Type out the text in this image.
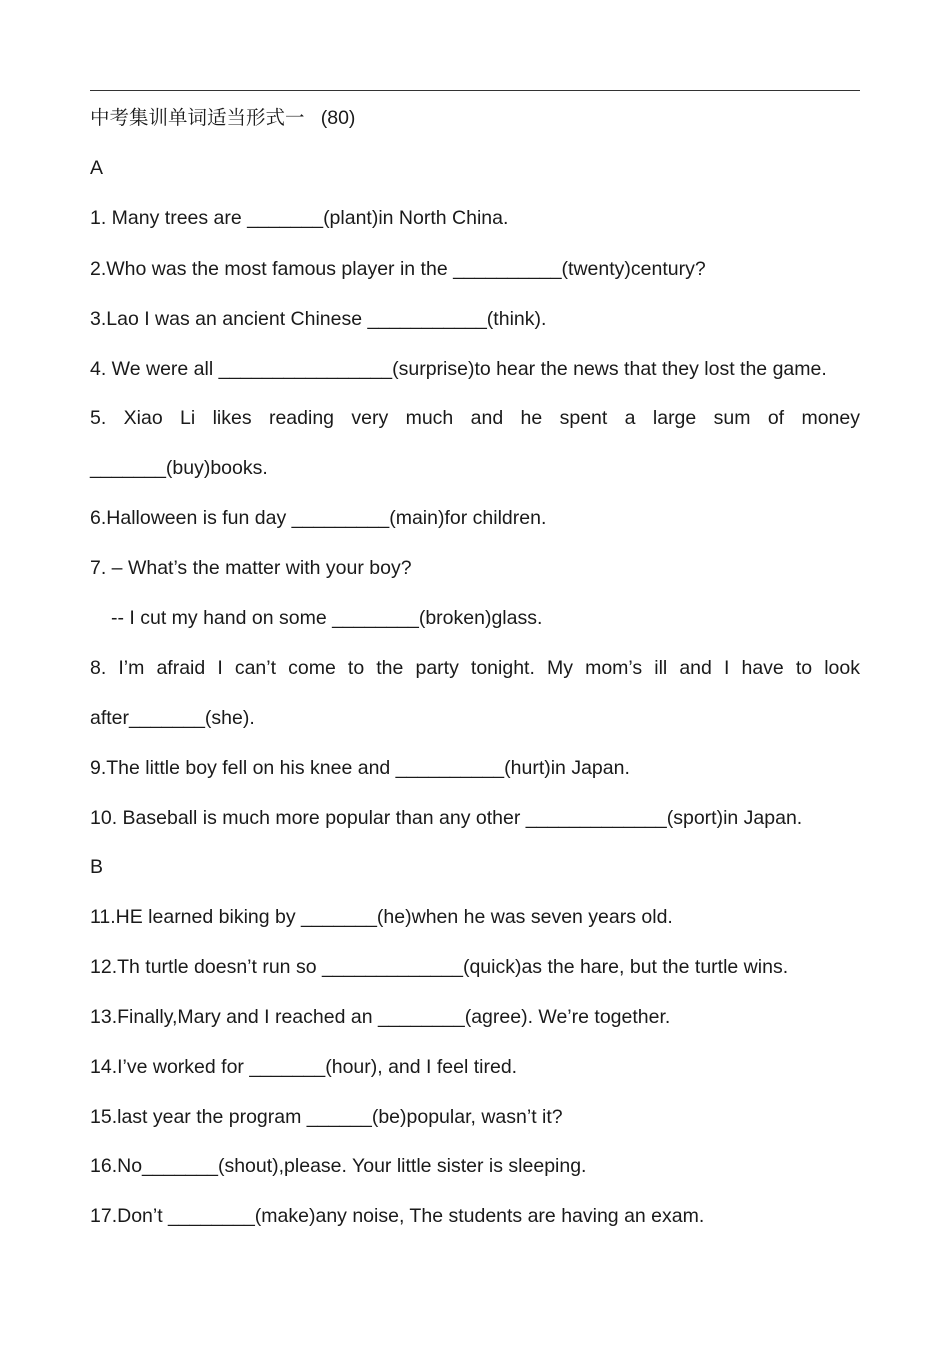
中考集训单词适当形式一   (80)
A
1. Many trees are _______(plant)in North China.
2.Who was the most famous player in the __________(twenty)century?
3.Lao I was an ancient Chinese ___________(think).
4. We were all ________________(surprise)to hear the news that they lost the game.
5. Xiao Li likes reading very much and he spent a large sum of money
_______(buy)books.
6.Halloween is fun day _________(main)for children.
7. – What’s the matter with your boy?
-- I cut my hand on some ________(broken)glass.
8. I’m afraid I can’t come to the party tonight. My mom’s ill and I have to look
after_______(she).
9.The little boy fell on his knee and __________(hurt)in Japan.
10. Baseball is much more popular than any other _____________(sport)in Japan.
B
11.HE learned biking by _______(he)when he was seven years old.
12.Th turtle doesn’t run so _____________(quick)as the hare, but the turtle wins.
13.Finally,Mary and I reached an ________(agree). We’re together.
14.I’ve worked for _______(hour), and I feel tired.
15.last year the program ______(be)popular, wasn’t it?
16.No_______(shout),please. Your little sister is sleeping.
17.Don’t ________(make)any noise, The students are having an exam.
